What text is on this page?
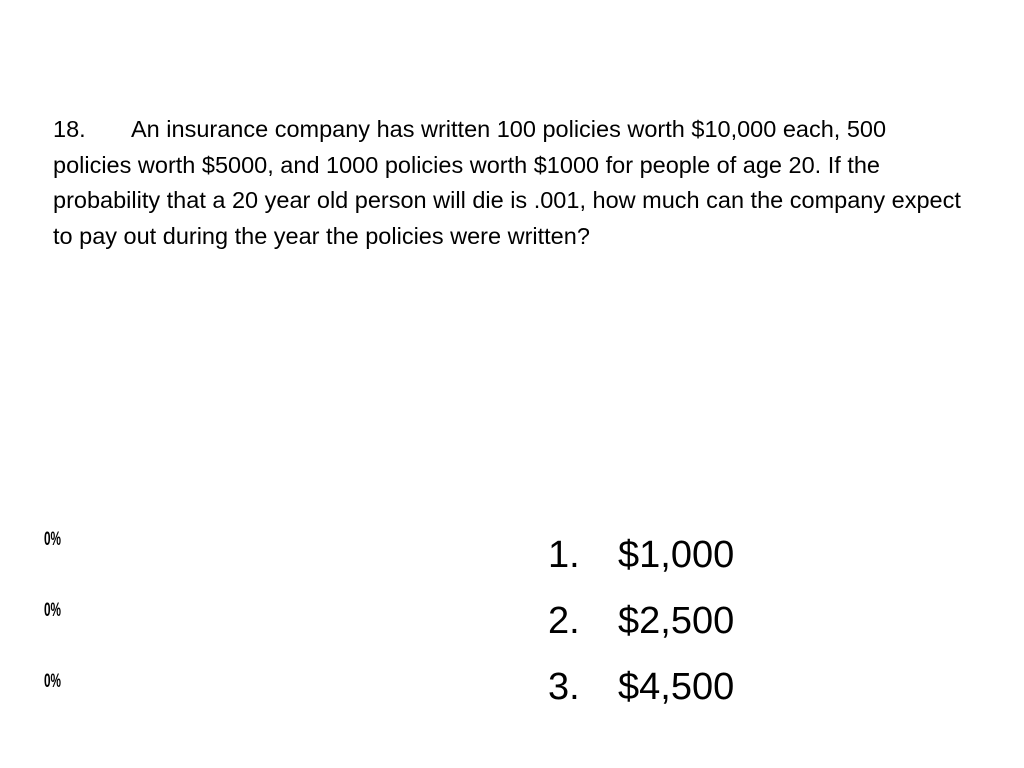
18. An insurance company has written 100 policies worth $10,000 each, 500 policies worth $5000, and 1000 policies worth $1000 for people of age 20. If the probability that a 20 year old person will die is .001, how much can the company expect to pay out during the year the policies were written?

0%
0%
0%
1. $1,000
2. $2,500
3. $4,500
